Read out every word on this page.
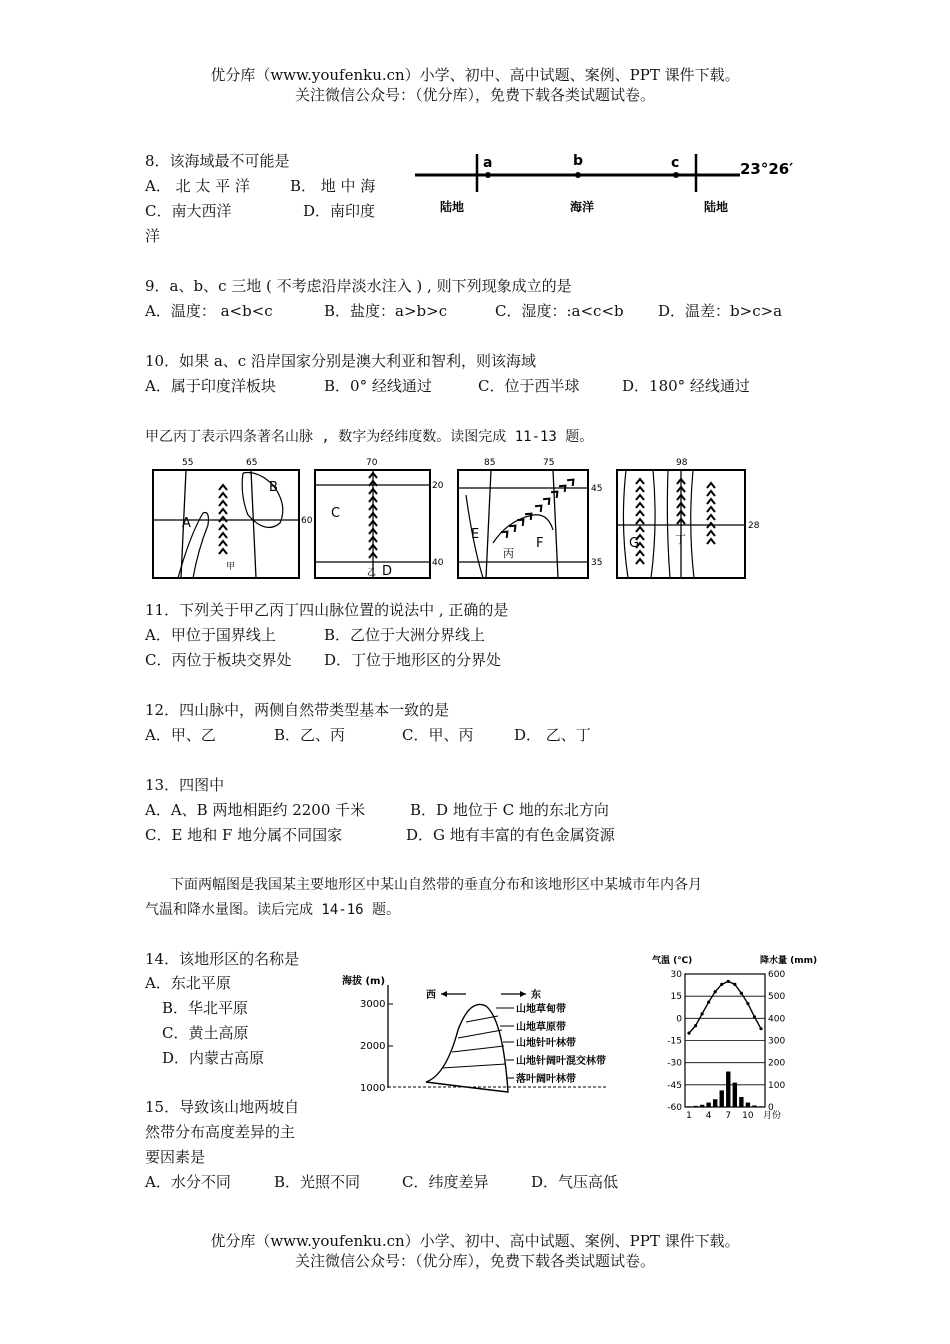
优分库（www.youfenku.cn）小学、初中、高中试题、案例、PPT 课件下载。
关注微信公众号：（优分库），免费下载各类试题试卷。
8．该海域最不可能是
A． 北 太 平 洋	B． 地 中 海
C．南大西洋	D．南印度
洋
a	b	c	23°26′
陆地	海洋	陆地
9．a、b、c 三地 ( 不考虑沿岸淡水注入 ) , 则下列现象成立的是
A．温度： a<b<c	B．盐度：a>b>c	C．湿度：:a<c<b D．温差：b>c>a
10．如果 a、c 沿岸国家分别是澳大利亚和智利，则该海域
A．属于印度洋板块	B．0° 经线通过	C．位于西半球	D．180° 经线通过
甲乙丙丁表示四条著名山脉 , 数字为经纬度数。读图完成 11-13 题。
55	65
60
A
B
甲
70
20
40
C
D
乙
85	75
45
35
E
F
丙
98
28
G	丁
11．下列关于甲乙丙丁四山脉位置的说法中 , 正确的是
A．甲位于国界线上	B．乙位于大洲分界线上
C．丙位于板块交界处 D．丁位于地形区的分界处
12．四山脉中，两侧自然带类型基本一致的是
A．甲、乙	B．乙、丙	C．甲、丙	D． 乙、丁
13．四图中
A．A、B 两地相距约 2200 千米	B．D 地位于 C 地的东北方向
C．E 地和 F 地分属不同国家	D．G 地有丰富的有色金属资源
下面两幅图是我国某主要地形区中某山自然带的垂直分布和该地形区中某城市年内各月
气温和降水量图。读后完成 14-16 题。
14．该地形区的名称是
A．东北平原
B．华北平原
C．黄土高原
D．内蒙古高原
海拔 (m)
3000
2000
1000
西	东
山地草甸带
山地草原带
山地针叶林带
山地针阔叶混交林带
落叶阔叶林带
气温 (℃)	降水量 (mm)
30
15
0
-15
-30
-45
-60
600
500
400
300
200
100
0
1 4 7 10 月份
15．导致该山地两坡自
然带分布高度差异的主
要因素是
A．水分不同	B．光照不同	C．纬度差异	D．气压高低
优分库（www.youfenku.cn）小学、初中、高中试题、案例、PPT 课件下载。
关注微信公众号：（优分库），免费下载各类试题试卷。
